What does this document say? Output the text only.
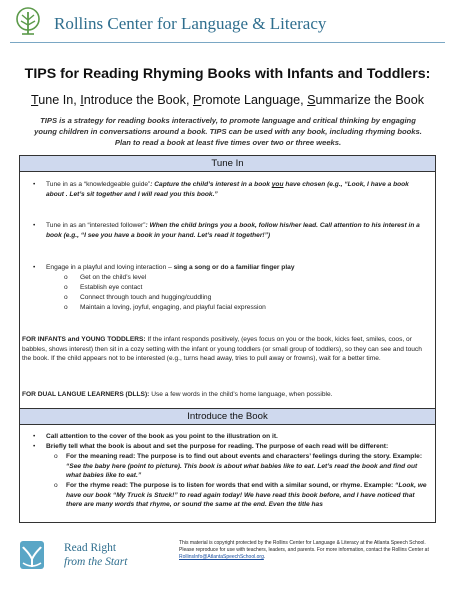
Rollins Center for Language & Literacy
TIPS for Reading Rhyming Books with Infants and Toddlers:
Tune In, Introduce the Book, Promote Language, Summarize the Book
TIPS is a strategy for reading books interactively, to promote language and critical thinking by engaging young children in conversations around a book. TIPS can be used with any book, including rhyming books. Plan to read a book at least five times over two or three weeks.
Tune In
• Tune in as a “knowledgeable guide”: Capture the child’s interest in a book you have chosen (e.g., “Look, I have a book about . Let’s sit together and I will read you this book.”
• Tune in as an “interested follower”: When the child brings you a book, follow his/her lead. Call attention to his interest in a book (e.g., “I see you have a book in your hand. Let’s read it together!”)
• Engage in a playful and loving interaction – sing a song or do a familiar finger play
o Get on the child’s level
o Establish eye contact
o Connect through touch and hugging/cuddling
o Maintain a loving, joyful, engaging, and playful facial expression
FOR INFANTS and YOUNG TODDLERS: If the infant responds positively, (eyes focus on you or the book, kicks feet, smiles, coos, or babbles, shows interest) then sit in a cozy setting with the infant or young toddlers (or small group of toddlers), so they can see and touch the book. If the child appears not to be interested (e.g., turns head away, tries to pull away or frowns), wait for a better time.
FOR DUAL LANGUE LEARNERS (DLLS): Use a few words in the child’s home language, when possible.
Introduce the Book
• Call attention to the cover of the book as you point to the illustration on it.
• Briefly tell what the book is about and set the purpose for reading. The purpose of each read will be different:
o For the meaning read: The purpose is to find out about events and characters’ feelings during the story. Example: “See the baby here (point to picture). This book is about what babies like to eat. Let’s read the book and find out what babies like to eat.”
o For the rhyme read: The purpose is to listen for words that end with a similar sound, or rhyme. Example: “Look, we have our book “My Truck is Stuck!” to read again today! We have read this book before, and I have noticed that there are many words that rhyme, or sound the same at the end. Even the title has
Read Right
from the Start
This material is copyright protected by the Rollins Center for Language & Literacy at the Atlanta Speech School. Please reproduce for use with teachers, leaders, and parents. For more information, contact the Rollins Center at
RollinsInfo@AtlantaSpeechSchool.org.
